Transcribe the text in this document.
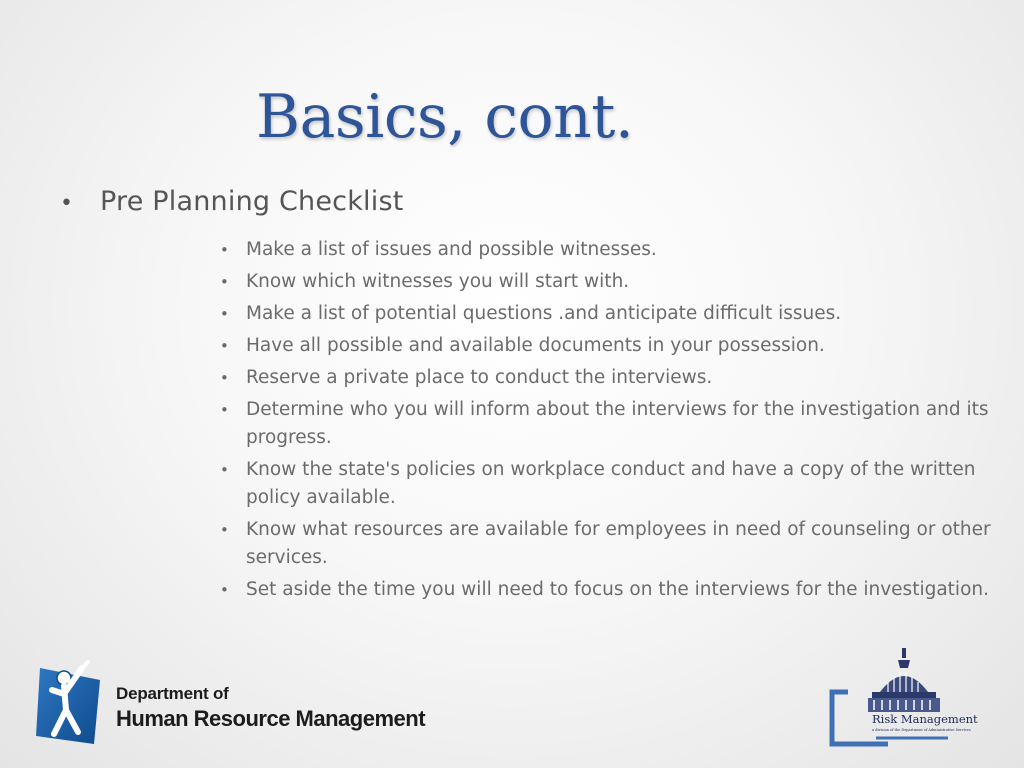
Basics, cont.
•	Pre Planning Checklist
• Make a list of issues and possible witnesses.
• Know which witnesses you will start with.
• Make a list of potential questions .and anticipate difficult issues.
• Have all possible and available documents in your possession.
• Reserve a private place to conduct the interviews.
• Determine who you will inform about the interviews for the investigation and its progress.
• Know the state's policies on workplace conduct and have a copy of the written policy available.
• Know what resources are available for employees in need of counseling or other services.
• Set aside the time you will need to focus on the interviews for the investigation.
Department of
Human Resource Management	Risk Management
a division of the Department of Administrative Services
